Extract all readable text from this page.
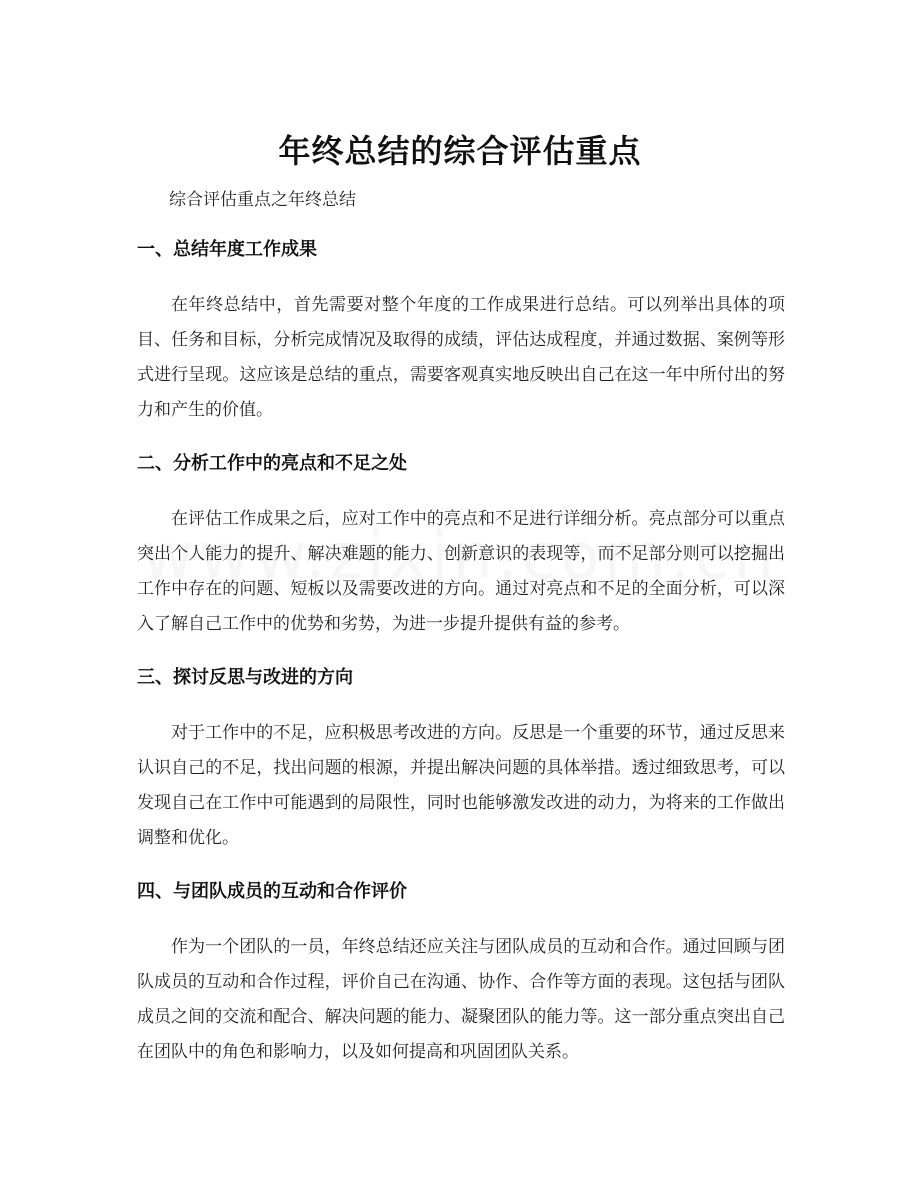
年终总结的综合评估重点
综合评估重点之年终总结
一、总结年度工作成果

在年终总结中，首先需要对整个年度的工作成果进行总结。可以列举出具体的项目、任务和目标，分析完成情况及取得的成绩，评估达成程度，并通过数据、案例等形式进行呈现。这应该是总结的重点，需要客观真实地反映出自己在这一年中所付出的努力和产生的价值。

二、分析工作中的亮点和不足之处

在评估工作成果之后，应对工作中的亮点和不足进行详细分析。亮点部分可以重点突出个人能力的提升、解决难题的能力、创新意识的表现等，而不足部分则可以挖掘出工作中存在的问题、短板以及需要改进的方向。通过对亮点和不足的全面分析，可以深入了解自己工作中的优势和劣势，为进一步提升提供有益的参考。

三、探讨反思与改进的方向

对于工作中的不足，应积极思考改进的方向。反思是一个重要的环节，通过反思来认识自己的不足，找出问题的根源，并提出解决问题的具体举措。透过细致思考，可以发现自己在工作中可能遇到的局限性，同时也能够激发改进的动力，为将来的工作做出调整和优化。

四、与团队成员的互动和合作评价

作为一个团队的一员，年终总结还应关注与团队成员的互动和合作。通过回顾与团队成员的互动和合作过程，评价自己在沟通、协作、合作等方面的表现。这包括与团队成员之间的交流和配合、解决问题的能力、凝聚团队的能力等。这一部分重点突出自己在团队中的角色和影响力，以及如何提高和巩固团队关系。
